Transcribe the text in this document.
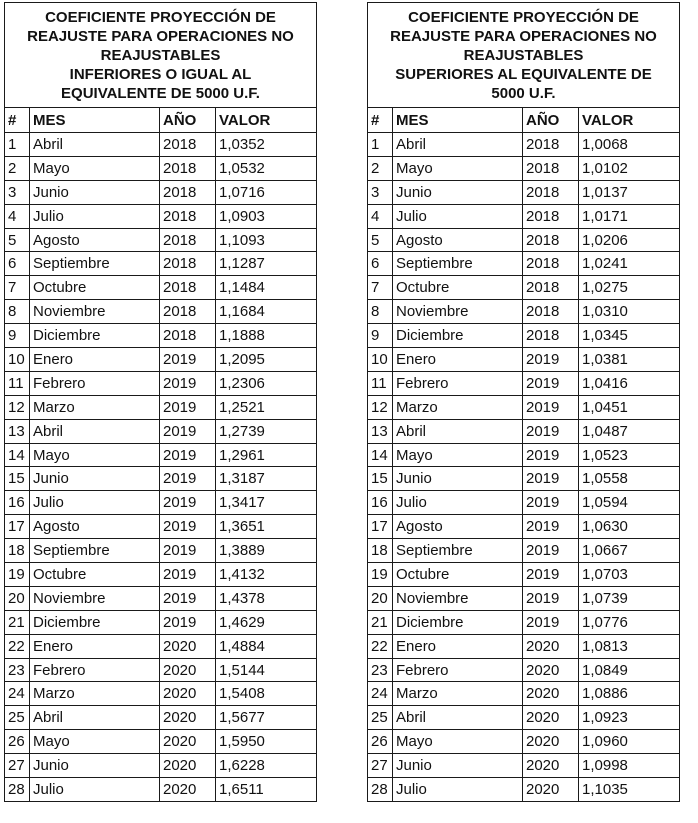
COEFICIENTE PROYECCIÓN DE
REAJUSTE PARA OPERACIONES NO
REAJUSTABLES
INFERIORES O IGUAL AL
EQUIVALENTE DE 5000 U.F.			

#	MES	AÑO	VALOR
1	Abril	2018	1,0352
2	Mayo	2018	1,0532
3	Junio	2018	1,0716
4	Julio	2018	1,0903
5	Agosto	2018	1,1093
6	Septiembre	2018	1,1287
7	Octubre	2018	1,1484
8	Noviembre	2018	1,1684
9	Diciembre	2018	1,1888
10	Enero	2019	1,2095
11	Febrero	2019	1,2306
12	Marzo	2019	1,2521
13	Abril	2019	1,2739
14	Mayo	2019	1,2961
15	Junio	2019	1,3187
16	Julio	2019	1,3417
17	Agosto	2019	1,3651
18	Septiembre	2019	1,3889
19	Octubre	2019	1,4132
20	Noviembre	2019	1,4378
21	Diciembre	2019	1,4629
22	Enero	2020	1,4884
23	Febrero	2020	1,5144
24	Marzo	2020	1,5408
25	Abril	2020	1,5677
26	Mayo	2020	1,5950
27	Junio	2020	1,6228
28	Julio	2020	1,6511
COEFICIENTE PROYECCIÓN DE
REAJUSTE PARA OPERACIONES NO
REAJUSTABLES
SUPERIORES AL EQUIVALENTE DE
5000 U.F.			

#	MES	AÑO	VALOR
1	Abril	2018	1,0068
2	Mayo	2018	1,0102
3	Junio	2018	1,0137
4	Julio	2018	1,0171
5	Agosto	2018	1,0206
6	Septiembre	2018	1,0241
7	Octubre	2018	1,0275
8	Noviembre	2018	1,0310
9	Diciembre	2018	1,0345
10	Enero	2019	1,0381
11	Febrero	2019	1,0416
12	Marzo	2019	1,0451
13	Abril	2019	1,0487
14	Mayo	2019	1,0523
15	Junio	2019	1,0558
16	Julio	2019	1,0594
17	Agosto	2019	1,0630
18	Septiembre	2019	1,0667
19	Octubre	2019	1,0703
20	Noviembre	2019	1,0739
21	Diciembre	2019	1,0776
22	Enero	2020	1,0813
23	Febrero	2020	1,0849
24	Marzo	2020	1,0886
25	Abril	2020	1,0923
26	Mayo	2020	1,0960
27	Junio	2020	1,0998
28	Julio	2020	1,1035
